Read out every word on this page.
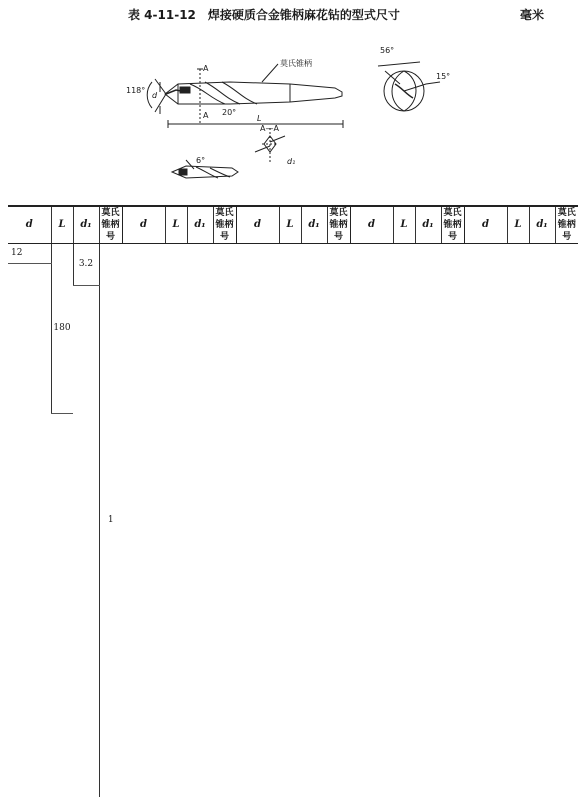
表 4-11-12　焊接硬质合金锥柄麻花钻的型式尺寸	毫米
莫氏锥柄
118°
A
A 20°
d
L
A—A
d₁
6°
56°
15°
d	L	d₁	莫氏锥柄号	d	L	d₁	莫氏锥柄号	d	L	d₁	莫氏锥柄号	d	L	d₁	莫氏锥柄号	d	L	d₁	莫氏锥柄号
12	180	3.2	1																
